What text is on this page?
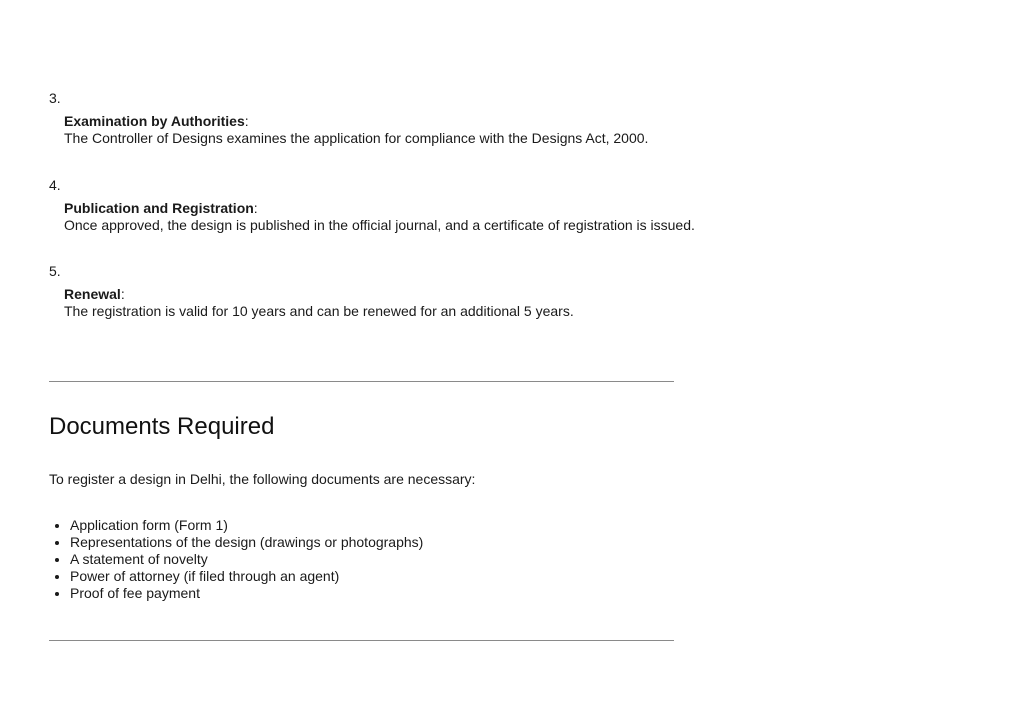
3.
Examination by Authorities:
The Controller of Designs examines the application for compliance with the Designs Act, 2000.
4.
Publication and Registration:
Once approved, the design is published in the official journal, and a certificate of registration is issued.
5.
Renewal:
The registration is valid for 10 years and can be renewed for an additional 5 years.
Documents Required

To register a design in Delhi, the following documents are necessary:

• Application form (Form 1)
• Representations of the design (drawings or photographs)
• A statement of novelty
• Power of attorney (if filed through an agent)
• Proof of fee payment
